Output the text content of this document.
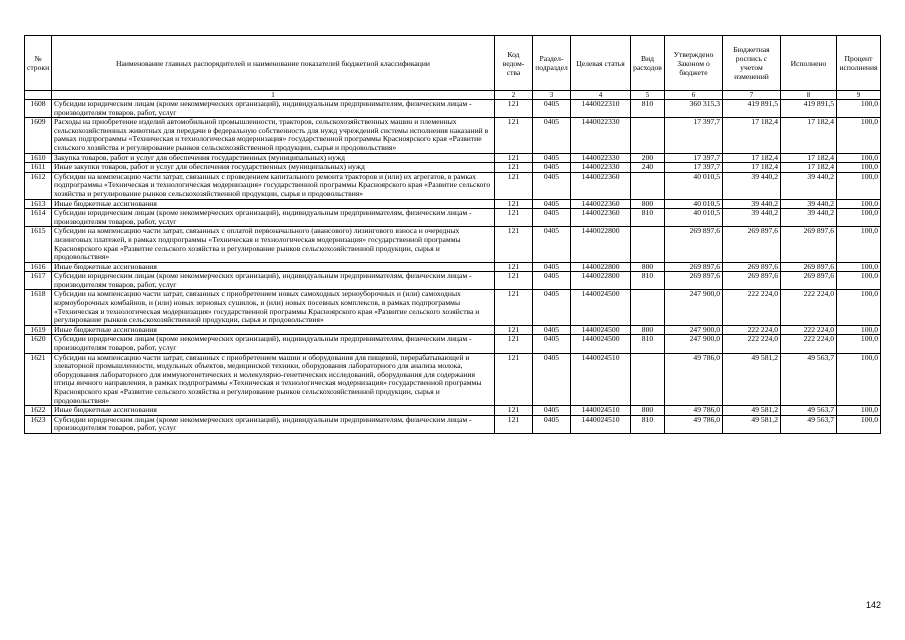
№ строки	Наименование главных распорядителей и наименование показателей бюджетной классификации	Код ведом-ства	Раздел-подраздел	Целевая статья	Вид расходов	Утверждено Законом о бюджете	Бюджетная роспись с учетом изменений	Исполнено	Процент исполнения
	1	2	3	4	5	6	7	8	9
1608	Субсидии юридическим лицам (кроме некоммерческих организаций), индивидуальным предпринимателям, физическим лицам - производителям товаров, работ, услуг	121	0405	1440022310	810	360 315,3	419 891,5	419 891,5	100,0
1609	Расходы на приобретение изделий автомобильной промышленности, тракторов, сельскохозяйственных машин и племенных сельскохозяйственных животных для передачи в федеральную собственность для нужд учреждений системы исполнения наказаний в рамках подпрограммы «Техническая и технологическая модернизация» государственной программы Красноярского края «Развитие сельского хозяйства и регулирование рынков сельскохозяйственной продукции, сырья и продовольствия»	121	0405	1440022330		17 397,7	17 182,4	17 182,4	100,0
1610	Закупка товаров, работ и услуг для обеспечения государственных (муниципальных) нужд	121	0405	1440022330	200	17 397,7	17 182,4	17 182,4	100,0
1611	Иные закупки товаров, работ и услуг для обеспечения государственных (муниципальных) нужд	121	0405	1440022330	240	17 397,7	17 182,4	17 182,4	100,0
1612	Субсидии на компенсацию части затрат, связанных с проведением капитального ремонта тракторов и (или) их агрегатов, в рамках подпрограммы «Техническая и технологическая модернизация» государственной программы Красноярского края «Развитие сельского хозяйства и регулирование рынков сельскохозяйственной продукции, сырья и продовольствия»	121	0405	1440022360		40 010,5	39 440,2	39 440,2	100,0
1613	Иные бюджетные ассигнования	121	0405	1440022360	800	40 010,5	39 440,2	39 440,2	100,0
1614	Субсидии юридическим лицам (кроме некоммерческих организаций), индивидуальным предпринимателям, физическим лицам - производителям товаров, работ, услуг	121	0405	1440022360	810	40 010,5	39 440,2	39 440,2	100,0
1615	Субсидии на компенсацию части затрат, связанных с оплатой первоначального (авансового) лизингового взноса и очередных лизинговых платежей, в рамках подпрограммы «Техническая и технологическая модернизация» государственной программы Красноярского края «Развитие сельского хозяйства и регулирование рынков сельскохозяйственной продукции, сырья и продовольствия»	121	0405	1440022800		269 897,6	269 897,6	269 897,6	100,0
1616	Иные бюджетные ассигнования	121	0405	1440022800	800	269 897,6	269 897,6	269 897,6	100,0
1617	Субсидии юридическим лицам (кроме некоммерческих организаций), индивидуальным предпринимателям, физическим лицам - производителям товаров, работ, услуг	121	0405	1440022800	810	269 897,6	269 897,6	269 897,6	100,0
1618	Субсидии на компенсацию части затрат, связанных с приобретением новых самоходных зерноуборочных и (или) самоходных кормоуборочных комбайнов, и (или) новых зерновых сушилок, и (или) новых посевных комплексов, в рамках подпрограммы «Техническая и технологическая модернизация» государственной программы Красноярского края «Развитие сельского хозяйства и регулирование рынков сельскохозяйственной продукции, сырья и продовольствия»	121	0405	1440024500		247 900,0	222 224,0	222 224,0	100,0
1619	Иные бюджетные ассигнования	121	0405	1440024500	800	247 900,0	222 224,0	222 224,0	100,0
1620	Субсидии юридическим лицам (кроме некоммерческих организаций), индивидуальным предпринимателям, физическим лицам - производителям товаров, работ, услуг	121	0405	1440024500	810	247 900,0	222 224,0	222 224,0	100,0
1621	Субсидии на компенсацию части затрат, связанных с приобретением машин и оборудования для пищевой, перерабатывающей и элеваторной промышленности, модульных объектов, медицинской техники, оборудования лабораторного для анализа молока, оборудования лабораторного для иммуногенетических и молекулярно-генетических исследований, оборудования для содержания птицы яичного направления, в рамках подпрограммы «Техническая и технологическая модернизация» государственной программы Красноярского края «Развитие сельского хозяйства и регулирование рынков сельскохозяйственной продукции, сырья и продовольствия»	121	0405	1440024510		49 786,0	49 581,2	49 563,7	100,0
1622	Иные бюджетные ассигнования	121	0405	1440024510	800	49 786,0	49 581,2	49 563,7	100,0
1623	Субсидии юридическим лицам (кроме некоммерческих организаций), индивидуальным предпринимателям, физическим лицам - производителям товаров, работ, услуг	121	0405	1440024510	810	49 786,0	49 581,2	49 563,7	100,0
142
